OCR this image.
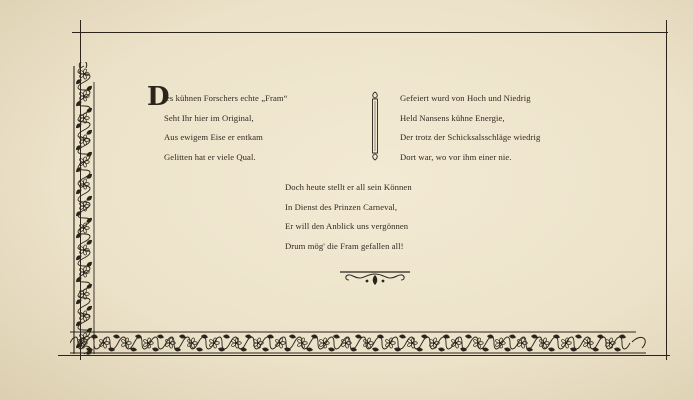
D
es kühnen Forschers echte „Fram“
Seht Ihr hier im Original,
Aus ewigem Eise er entkam
Gelitten hat er viele Qual.
Gefeiert wurd von Hoch und Niedrig
Held Nansens kühne Energie,
Der trotz der Schicksalsschläge wiedrig
Dort war, wo vor ihm einer nie.
Doch heute stellt er all sein Können
In Dienst des Prinzen Carneval,
Er will den Anblick uns vergönnen
Drum mög' die Fram gefallen all!
